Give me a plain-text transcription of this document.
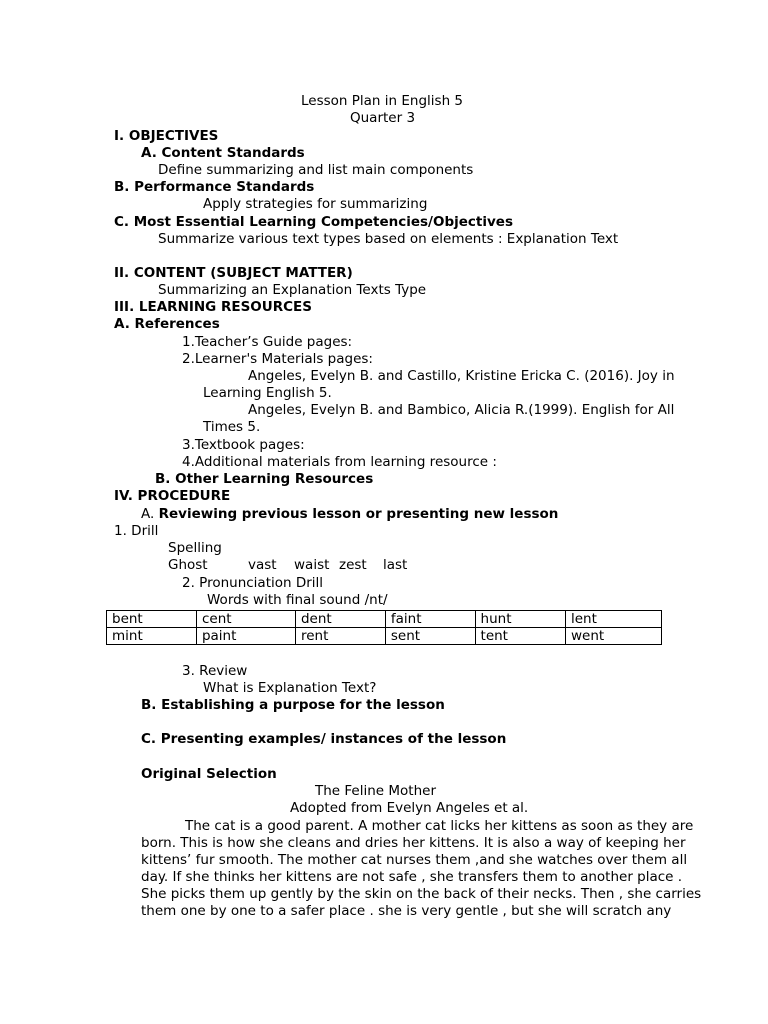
Lesson Plan in English 5
Quarter 3
I. OBJECTIVES
A. Content Standards
Define summarizing and list main components
B. Performance Standards
Apply strategies for summarizing
C. Most Essential Learning Competencies/Objectives
Summarize various text types based on elements : Explanation Text
II. CONTENT (SUBJECT MATTER)
Summarizing an Explanation Texts Type
III. LEARNING RESOURCES
A. References
1.Teacher’s Guide pages:
2.Learner's Materials pages:
Angeles, Evelyn B. and Castillo, Kristine Ericka C. (2016). Joy in
Learning English 5.
Angeles, Evelyn B. and Bambico, Alicia R.(1999). English for All
Times 5.
3.Textbook pages:
4.Additional materials from learning resource :
B. Other Learning Resources
IV. PROCEDURE
A. Reviewing previous lesson or presenting new lesson
1. Drill
Spelling
Ghost	vast waist zest last
2. Pronunciation Drill
Words with final sound /nt/
bent	cent	dent	faint	hunt	lent
mint	paint	rent	sent	tent	went
3. Review
What is Explanation Text?
B. Establishing a purpose for the lesson
C. Presenting examples/ instances of the lesson
Original Selection
The Feline Mother
Adopted from Evelyn Angeles et al.
The cat is a good parent. A mother cat licks her kittens as soon as they are
born. This is how she cleans and dries her kittens. It is also a way of keeping her
kittens’ fur smooth. The mother cat nurses them ,and she watches over them all
day. If she thinks her kittens are not safe , she transfers them to another place .
She picks them up gently by the skin on the back of their necks. Then , she carries
them one by one to a safer place . she is very gentle , but she will scratch any
